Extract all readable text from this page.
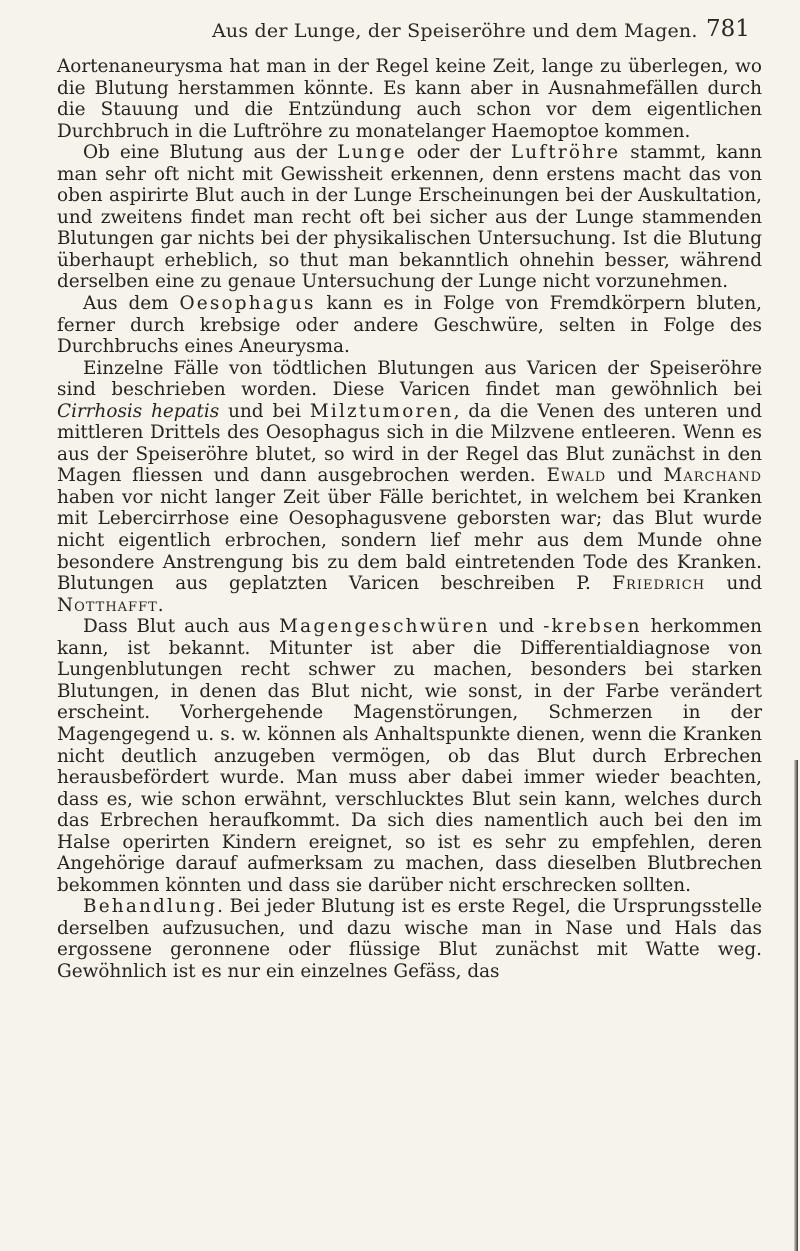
Aus der Lunge, der Speiseröhre und dem Magen. 781

Aortenaneurysma hat man in der Regel keine Zeit, lange zu überlegen, wo die Blutung herstammen könnte. Es kann aber in Ausnahmefällen durch die Stauung und die Entzündung auch schon vor dem eigentlichen Durchbruch in die Luftröhre zu monatelanger Haemoptoe kommen.

Ob eine Blutung aus der Lunge oder der Luftröhre stammt, kann man sehr oft nicht mit Gewissheit erkennen, denn erstens macht das von oben aspirirte Blut auch in der Lunge Erscheinungen bei der Auskultation, und zweitens findet man recht oft bei sicher aus der Lunge stammenden Blutungen gar nichts bei der physikalischen Untersuchung. Ist die Blutung überhaupt erheblich, so thut man bekanntlich ohnehin besser, während derselben eine zu genaue Untersuchung der Lunge nicht vorzunehmen.

Aus dem Oesophagus kann es in Folge von Fremdkörpern bluten, ferner durch krebsige oder andere Geschwüre, selten in Folge des Durchbruchs eines Aneurysma.

Einzelne Fälle von tödtlichen Blutungen aus Varicen der Speiseröhre sind beschrieben worden. Diese Varicen findet man gewöhnlich bei Cirrhosis hepatis und bei Milztumoren, da die Venen des unteren und mittleren Drittels des Oesophagus sich in die Milzvene entleeren. Wenn es aus der Speiseröhre blutet, so wird in der Regel das Blut zunächst in den Magen fliessen und dann ausgebrochen werden. Ewald und Marchand haben vor nicht langer Zeit über Fälle berichtet, in welchem bei Kranken mit Lebercirrhose eine Oesophagusvene geborsten war; das Blut wurde nicht eigentlich erbrochen, sondern lief mehr aus dem Munde ohne besondere Anstrengung bis zu dem bald eintretenden Tode des Kranken. Blutungen aus geplatzten Varicen beschreiben P. Friedrich und Notthafft.

Dass Blut auch aus Magengeschwüren und -krebsen herkommen kann, ist bekannt. Mitunter ist aber die Differentialdiagnose von Lungenblutungen recht schwer zu machen, besonders bei starken Blutungen, in denen das Blut nicht, wie sonst, in der Farbe verändert erscheint. Vorhergehende Magenstörungen, Schmerzen in der Magengegend u. s. w. können als Anhaltspunkte dienen, wenn die Kranken nicht deutlich anzugeben vermögen, ob das Blut durch Erbrechen herausbefördert wurde. Man muss aber dabei immer wieder beachten, dass es, wie schon erwähnt, verschlucktes Blut sein kann, welches durch das Erbrechen heraufkommt. Da sich dies namentlich auch bei den im Halse operirten Kindern ereignet, so ist es sehr zu empfehlen, deren Angehörige darauf aufmerksam zu machen, dass dieselben Blutbrechen bekommen könnten und dass sie darüber nicht erschrecken sollten.

Behandlung. Bei jeder Blutung ist es erste Regel, die Ursprungsstelle derselben aufzusuchen, und dazu wische man in Nase und Hals das ergossene geronnene oder flüssige Blut zunächst mit Watte weg. Gewöhnlich ist es nur ein einzelnes Gefäss, das
